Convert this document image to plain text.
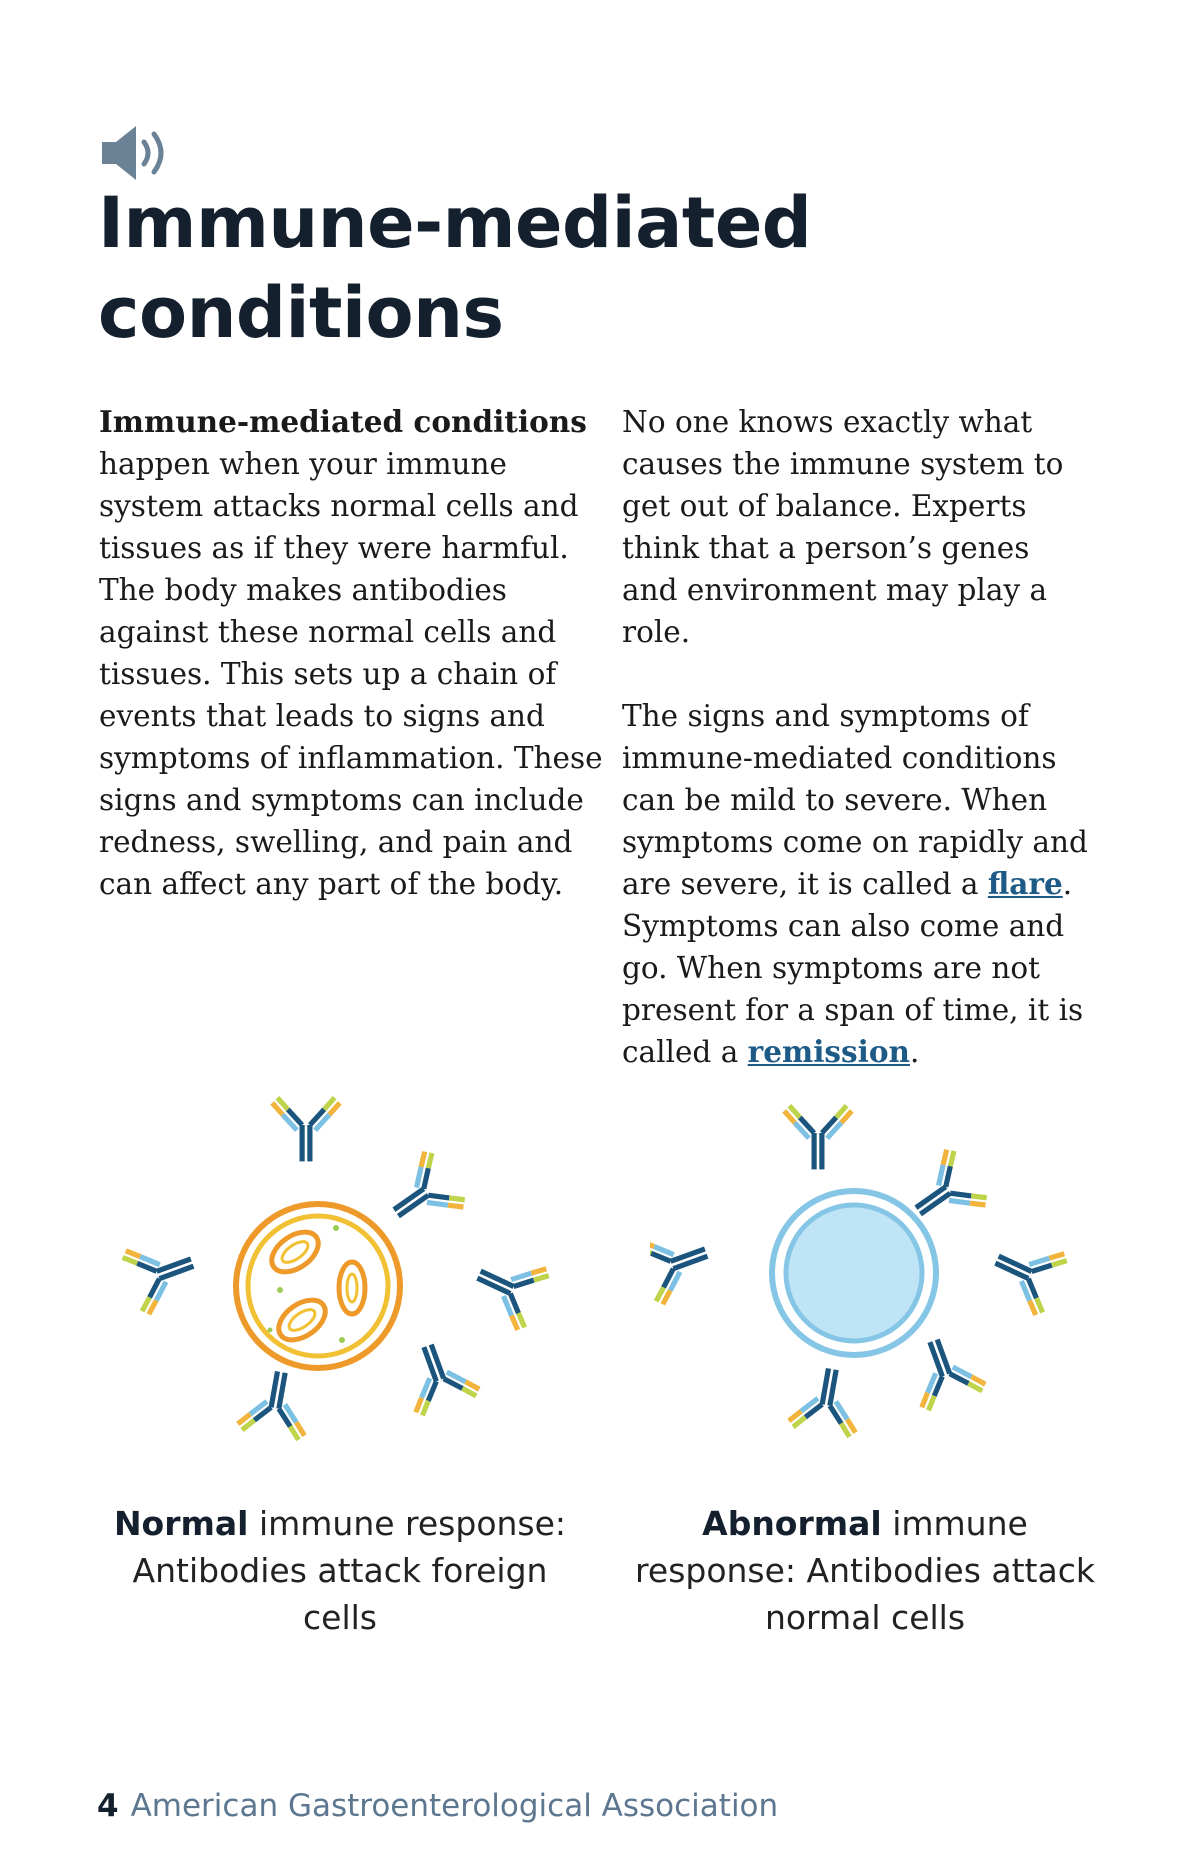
Immune-mediated conditions

Immune-mediated conditions happen when your immune system attacks normal cells and tissues as if they were harmful. The body makes antibodies against these normal cells and tissues. This sets up a chain of events that leads to signs and symptoms of inflammation. These signs and symptoms can include redness, swelling, and pain and can affect any part of the body.

No one knows exactly what causes the immune system to get out of balance. Experts think that a person’s genes and environment may play a role.

The signs and symptoms of immune-mediated conditions can be mild to severe. When symptoms come on rapidly and are severe, it is called a flare. Symptoms can also come and go. When symptoms are not present for a span of time, it is called a remission.

Normal immune response: Antibodies attack foreign cells
Abnormal immune response: Antibodies attack normal cells
4 American Gastroenterological Association
